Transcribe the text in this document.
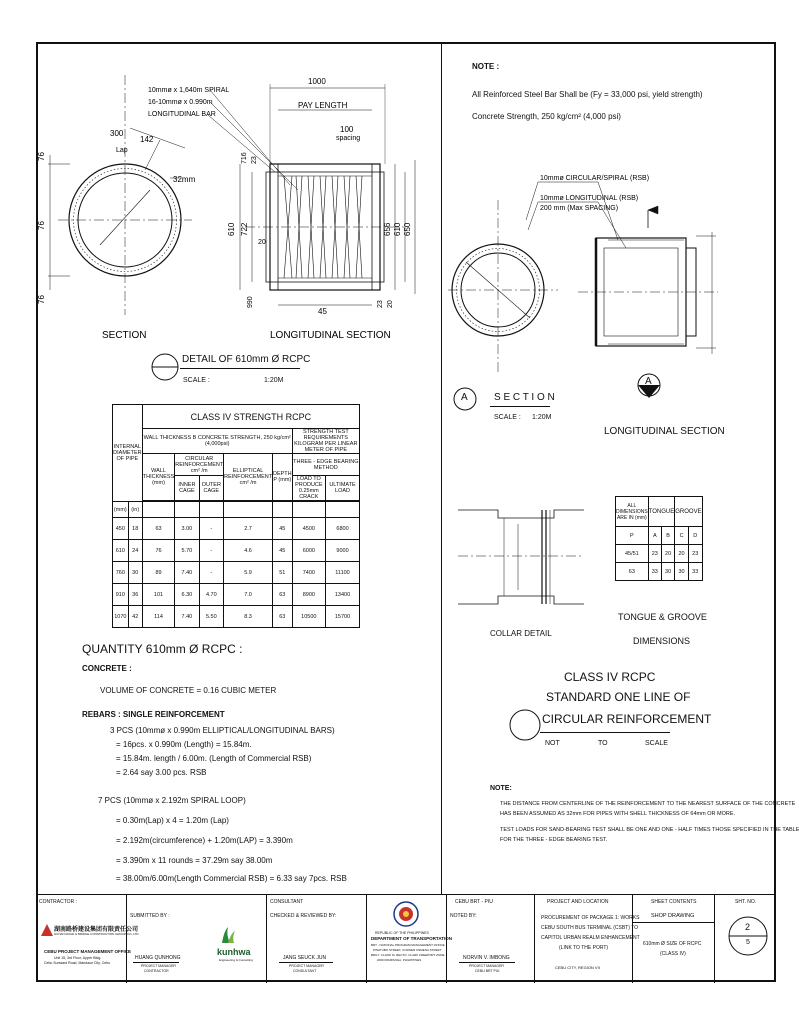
76
76
76
300
Lap
142
32mm
1000
PAY LENGTH
100
spacing
610 722	656 610 650
716 23
20
45
990	23 20
10mmø x 1,640m SPIRAL
16-10mmø x 0.990m
LONGITUDINAL BAR
SECTION	LONGITUDINAL SECTION
DETAIL OF 610mm Ø RCPC
SCALE :	1:20M
INTERNAL DIAMETER OF PIPE		CLASS IV STRENGTH RCPC						
		WALL THICKNESS B CONCRETE STRENGTH, 250 kg/cm² (4,000psi)					STRENGTH TEST REQUIREMENTS KILOGRAM PER LINEAR METER OF PIPE	
		WALL THICKNESS (mm)	CIRCULAR REINFORCEMENT cm² /m		ELLIPTICAL REINFORCEMENT cm² /m	DEPTH P (mm)	THREE - EDGE BEARING METHOD	
			INNER CAGE	OUTER CAGE			LOAD TO PRODUCE 0.25mm CRACK	ULTIMATE LOAD

(mm)	(in)							
450	18	63	3.00	-	2.7	45	4500	6800
610	24	76	5.70	-	4.6	45	6000	9000
760	30	89	7.40	-	5.9	51	7400	11100
910	36	101	6.30	4.70	7.0	63	8900	13400
1070	42	114	7.40	5.50	8.3	63	10500	15700
QUANTITY 610mm Ø RCPC :
CONCRETE :
VOLUME OF CONCRETE = 0.16 CUBIC METER
REBARS : SINGLE REINFORCEMENT
3 PCS (10mmø x 0.990m ELLIPTICAL/LONGITUDINAL BARS)
= 16pcs. x 0.990m (Length) = 15.84m.
= 15.84m. length / 6.00m. (Length of Commercial RSB)
= 2.64 say 3.00 pcs. RSB
7 PCS (10mmø x 2.192m SPIRAL LOOP)
= 0.30m(Lap) x 4 = 1.20m (Lap)
= 2.192m(circumference) + 1.20m(LAP) = 3.390m
= 3.390m x 11 rounds = 37.29m say 38.00m
= 38.00m/6.00m(Length Commercial RSB) = 6.33 say 7pcs. RSB
NOTE :
All Reinforced Steel Bar Shall be (Fy = 33,000 psi, yield strength)
Concrete Strength, 250 kg/cm² (4,000 psi)
10mmø CIRCULAR/SPIRAL (RSB)
10mmø LONGITUDINAL (RSB)
200 mm (Max SPACING)
A	S E C T I O N
SCALE : 1:20M
A
LONGITUDINAL SECTION
COLLAR DETAIL
ALL DIMENSIONS ARE IN (mm)	TONGUE		GROOVE	
P	A	B	C	D
45/51	23	20	20	23
63	33	30	30	33
TONGUE & GROOVE
DIMENSIONS
CLASS IV RCPC
STANDARD ONE LINE OF
CIRCULAR REINFORCEMENT
NOT	TO	SCALE
NOTE:
THE DISTANCE FROM CENTERLINE OF THE REINFORCEMENT TO THE NEAREST SURFACE OF THE CONCRETE
HAS BEEN ASSUMED AS 32mm FOR PIPES WITH SHELL THICKNESS OF 64mm OR MORE.
TEST LOADS FOR SAND-BEARING TEST SHALL BE ONE AND ONE - HALF TIMES THOSE SPECIFIED IN THE TABLE
FOR THE THREE - EDGE BEARING TEST.
CONTRACTOR :
湖南路桥建设集团有限责任公司
HUNAN ROAD & BRIDGE CONSTRUCTION GROUP CO.,LTD.
CEBU PROJECT MANAGEMENT OFFICE
Unit 15, 3rd Floor, Upper Bldg.
Cebu Sunward Road, Mandaue City, Cebu
SUBMITTED BY :
HUANG QUNHONG
PROJECT MANAGER
CONTRACTOR
kunhwa
Engineering & Consulting
CONSULTANT
CHECKED & REVIEWED BY:
JANG SEUCK JUN
PROJECT MANAGER
CONSULTANT
REPUBLIC OF THE PHILIPPINES
DEPARTMENT OF TRANSPORTATION
BRT - NATIONAL PROGRAM MANAGEMENT OFFICE
PINATUBO STREET, CORNER OSMENA STREET
BRGY. CLARO M. RECTO, CLARK FREEPORT ZONE
2009 PAMPANGA, PHILIPPINES
CEBU BRT - PIU
NOTED BY:
NORVIN V. IMBONG
PROJECT MANAGER
CEBU BRT PIU
PROJECT AND LOCATION
PROCUREMENT OF PACKAGE 1: WORKS
CEBU SOUTH BUS TERMINAL (CSBT) TO
CAPITOL URBAN REALM ENHANCEMENT
(LINK TO THE PORT)
CEBU CITY, REGION VII
SHEET CONTENTS
SHOP DRAWING
610mm Ø SIZE OF RCPC
(CLASS IV)
SHT. NO.
2
5
